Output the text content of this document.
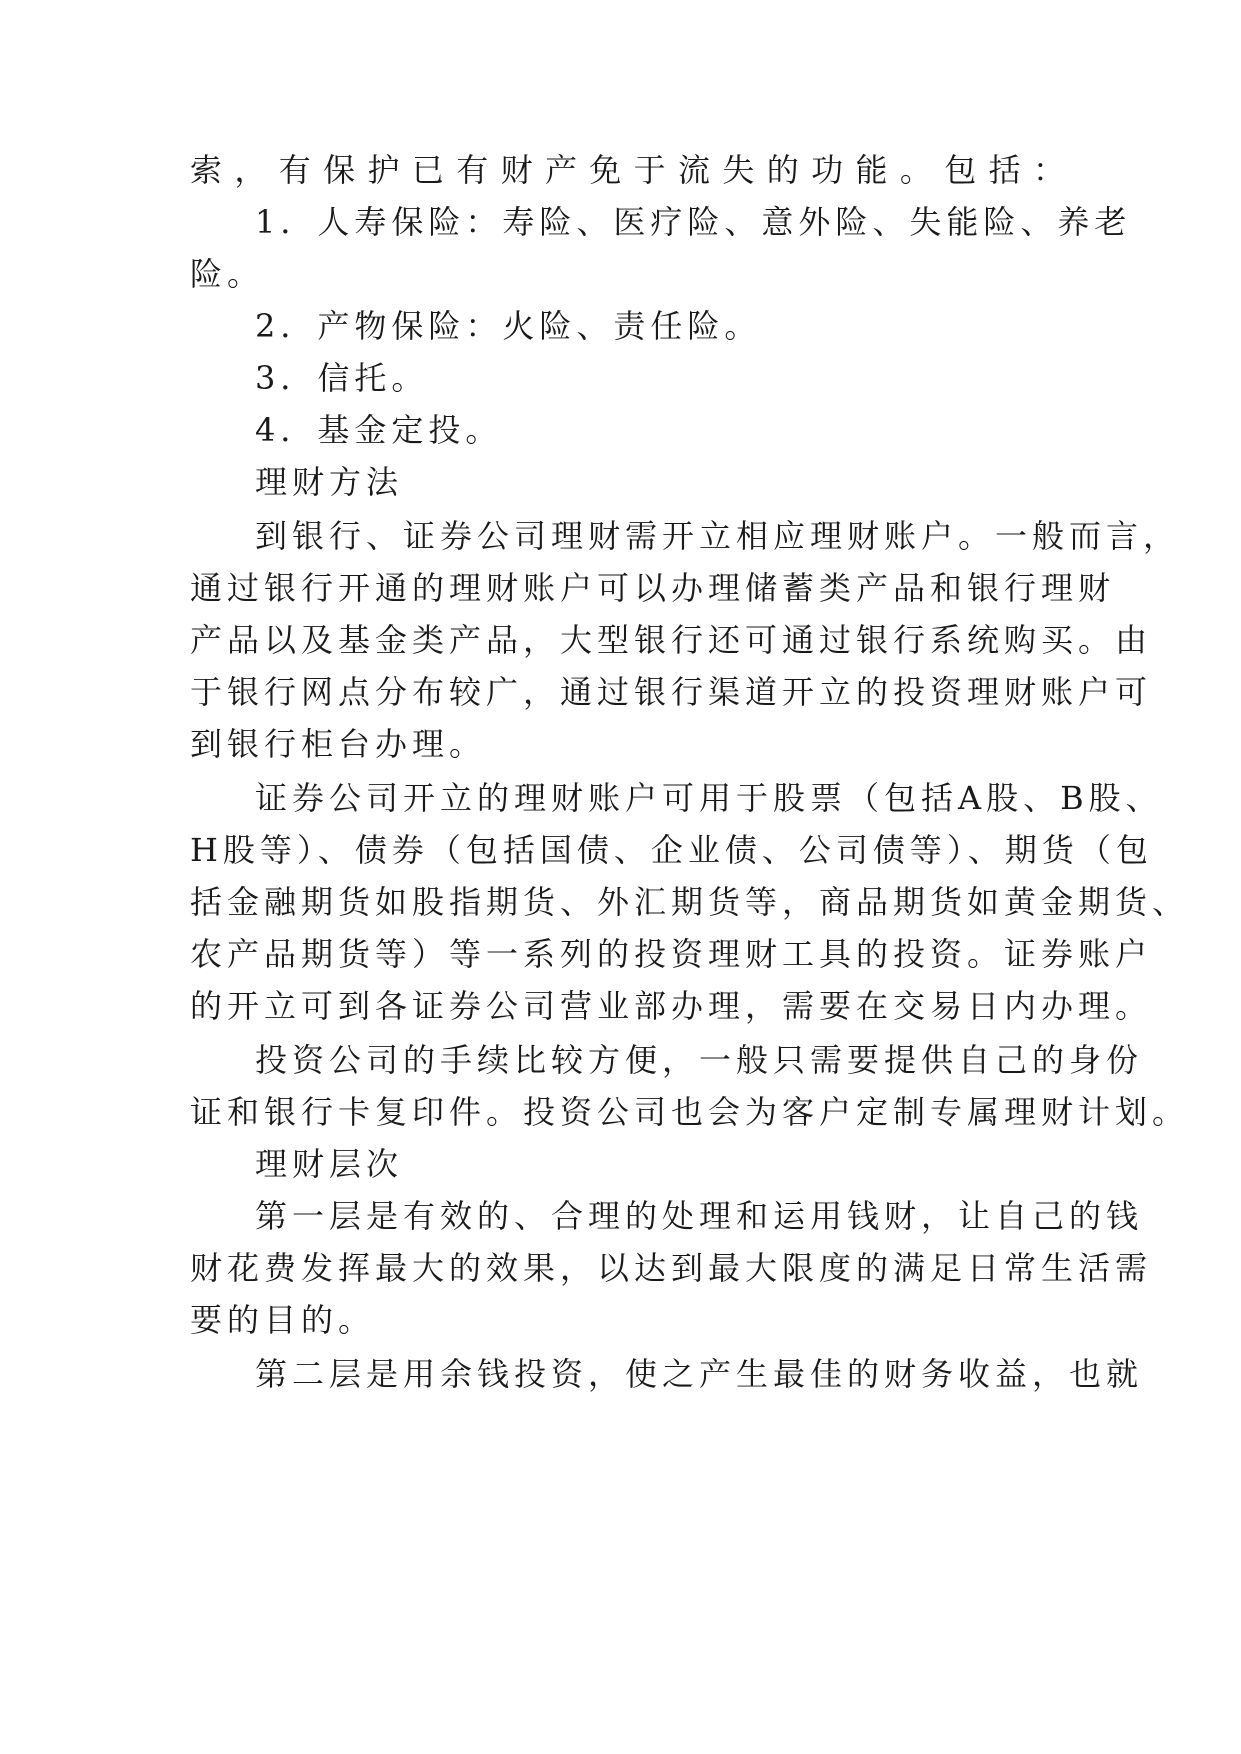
索，有保护已有财产免于流失的功能。包括：

1．人寿保险：寿险、医疗险、意外险、失能险、养老

险。

2．产物保险：火险、责任险。

3．信托。

4．基金定投。

理财方法

到银行、证券公司理财需开立相应理财账户。一般而言，

通过银行开通的理财账户可以办理储蓄类产品和银行理财

产品以及基金类产品，大型银行还可通过银行系统购买。由

于银行网点分布较广，通过银行渠道开立的投资理财账户可

到银行柜台办理。

证券公司开立的理财账户可用于股票（包括A股、B股、

H股等）、债券（包括国债、企业债、公司债等）、期货（包

括金融期货如股指期货、外汇期货等，商品期货如黄金期货、

农产品期货等）等一系列的投资理财工具的投资。证券账户

的开立可到各证券公司营业部办理，需要在交易日内办理。

投资公司的手续比较方便，一般只需要提供自己的身份

证和银行卡复印件。投资公司也会为客户定制专属理财计划。

理财层次

第一层是有效的、合理的处理和运用钱财，让自己的钱

财花费发挥最大的效果，以达到最大限度的满足日常生活需

要的目的。

第二层是用余钱投资，使之产生最佳的财务收益，也就
